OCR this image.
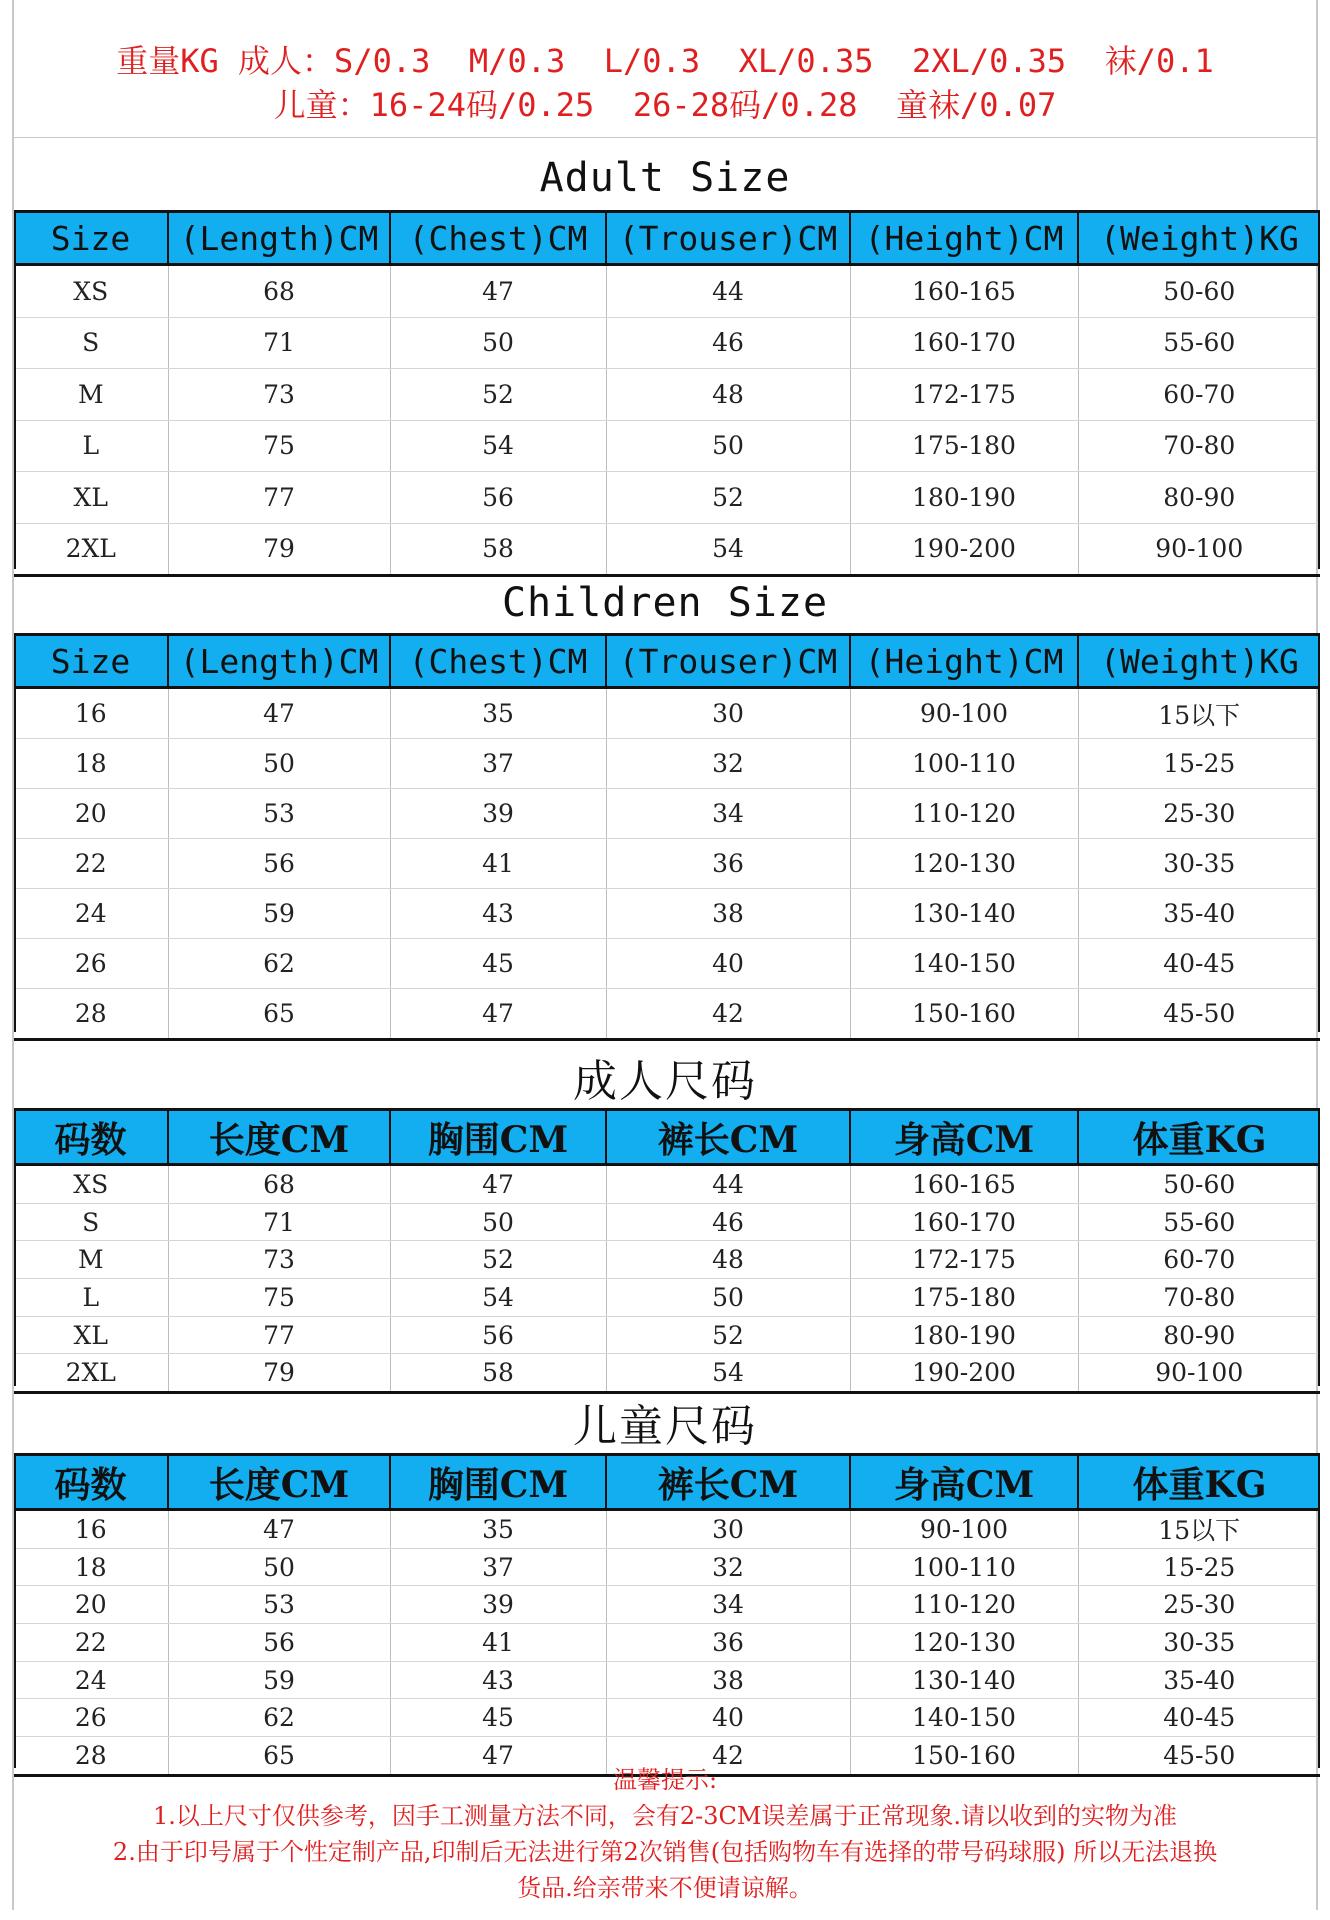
重量KG 成人：S/0.3  M/0.3  L/0.3  XL/0.35  2XL/0.35  袜/0.1
儿童：16-24码/0.25  26-28码/0.28  童袜/0.07
Adult Size
Size	(Length)CM	(Chest)CM	(Trouser)CM	(Height)CM	(Weight)KG
XS	68	47	44	160-165	50-60
S	71	50	46	160-170	55-60
M	73	52	48	172-175	60-70
L	75	54	50	175-180	70-80
XL	77	56	52	180-190	80-90
2XL	79	58	54	190-200	90-100
Children Size
Size	(Length)CM	(Chest)CM	(Trouser)CM	(Height)CM	(Weight)KG
16	47	35	30	90-100	15以下
18	50	37	32	100-110	15-25
20	53	39	34	110-120	25-30
22	56	41	36	120-130	30-35
24	59	43	38	130-140	35-40
26	62	45	40	140-150	40-45
28	65	47	42	150-160	45-50
成人尺码
码数	长度CM	胸围CM	裤长CM	身高CM	体重KG
XS	68	47	44	160-165	50-60
S	71	50	46	160-170	55-60
M	73	52	48	172-175	60-70
L	75	54	50	175-180	70-80
XL	77	56	52	180-190	80-90
2XL	79	58	54	190-200	90-100
儿童尺码
码数	长度CM	胸围CM	裤长CM	身高CM	体重KG
16	47	35	30	90-100	15以下
18	50	37	32	100-110	15-25
20	53	39	34	110-120	25-30
22	56	41	36	120-130	30-35
24	59	43	38	130-140	35-40
26	62	45	40	140-150	40-45
28	65	47	42	150-160	45-50
温馨提示:
1.以上尺寸仅供参考，因手工测量方法不同，会有2-3CM误差属于正常现象.请以收到的实物为准
2.由于印号属于个性定制产品,印制后无法进行第2次销售(包括购物车有选择的带号码球服) 所以无法退换
货品.给亲带来不便请谅解。
